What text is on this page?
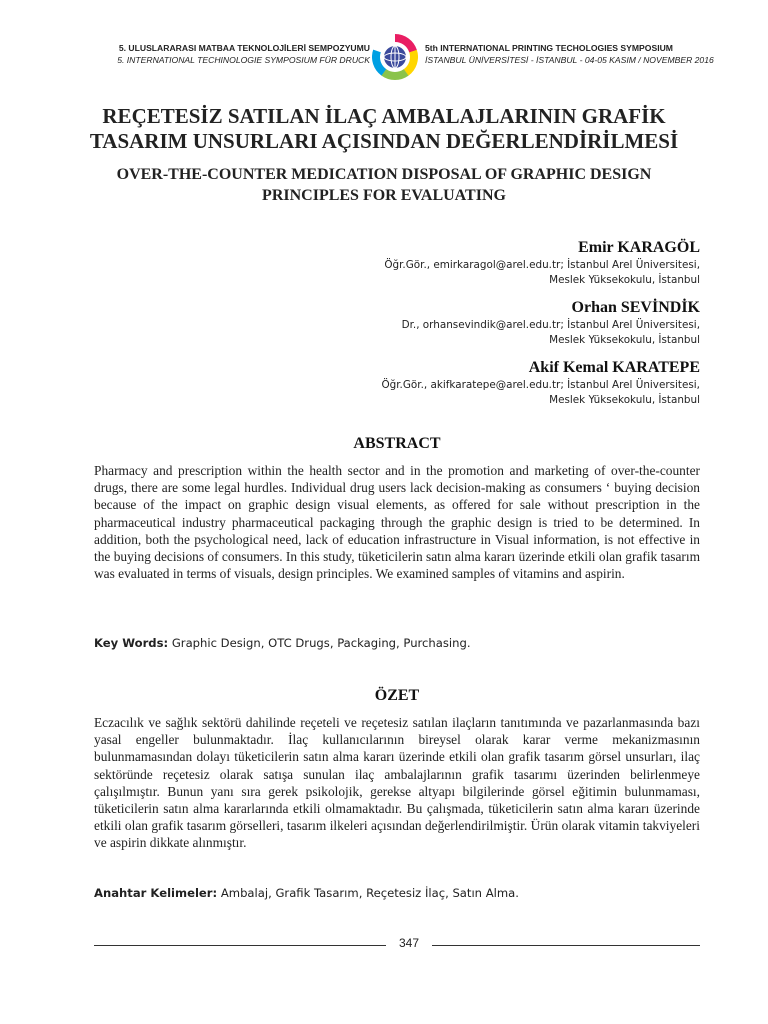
5. ULUSLARARASI MATBAA TEKNOLOJİLERİ SEMPOZYUMU
5. INTERNATIONAL TECHINOLOGIE SYMPOSIUM FÜR DRUCK
5th INTERNATIONAL PRINTING TECHOLOGIES SYMPOSIUM
İSTANBUL ÜNİVERSİTESİ - İSTANBUL - 04-05 KASIM / NOVEMBER 2016
REÇETESİZ SATILAN İLAÇ AMBALAJLARININ GRAFİK
TASARIM UNSURLARI AÇISINDAN DEĞERLENDİRİLMESİ
OVER-THE-COUNTER MEDICATION DISPOSAL OF GRAPHIC DESIGN
PRINCIPLES FOR EVALUATING
Emir KARAGÖL
Öğr.Gör., emirkaragol@arel.edu.tr; İstanbul Arel Üniversitesi,
Meslek Yüksekokulu, İstanbul
Orhan SEVİNDİK
Dr., orhansevindik@arel.edu.tr; İstanbul Arel Üniversitesi,
Meslek Yüksekokulu, İstanbul
Akif Kemal KARATEPE
Öğr.Gör., akifkaratepe@arel.edu.tr; İstanbul Arel Üniversitesi,
Meslek Yüksekokulu, İstanbul
ABSTRACT
Pharmacy and prescription within the health sector and in the promotion and marketing of over-the-counter drugs, there are some legal hurdles. Individual drug users lack decision-making as consumers ‘ buying decision because of the impact on graphic design visual elements, as offered for sale without prescription in the pharmaceutical industry pharmaceutical packaging through the graphic design is tried to be determined. In addition, both the psychological need, lack of education infrastructure in Visual information, is not effective in the buying decisions of consumers. In this study, tüketicilerin satın alma kararı üzerinde etkili olan grafik tasarım was evaluated in terms of visuals, design principles. We examined samples of vitamins and aspirin.
Key Words: Graphic Design, OTC Drugs, Packaging, Purchasing.
ÖZET
Eczacılık ve sağlık sektörü dahilinde reçeteli ve reçetesiz satılan ilaçların tanıtımında ve pazarlanmasında bazı yasal engeller bulunmaktadır. İlaç kullanıcılarının bireysel olarak karar verme mekanizmasının bulunmamasından dolayı tüketicilerin satın alma kararı üzerinde etkili olan grafik tasarım görsel unsurları, ilaç sektöründe reçetesiz olarak satışa sunulan ilaç ambalajlarının grafik tasarımı üzerinden belirlenmeye çalışılmıştır. Bunun yanı sıra gerek psikolojik, gerekse altyapı bilgilerinde görsel eğitimin bulunmaması, tüketicilerin satın alma kararlarında etkili olmamaktadır. Bu çalışmada, tüketicilerin satın alma kararı üzerinde etkili olan grafik tasarım görselleri, tasarım ilkeleri açısından değerlendirilmiştir. Ürün olarak vitamin takviyeleri ve aspirin dikkate alınmıştır.
Anahtar Kelimeler: Ambalaj, Grafik Tasarım, Reçetesiz İlaç, Satın Alma.
347
